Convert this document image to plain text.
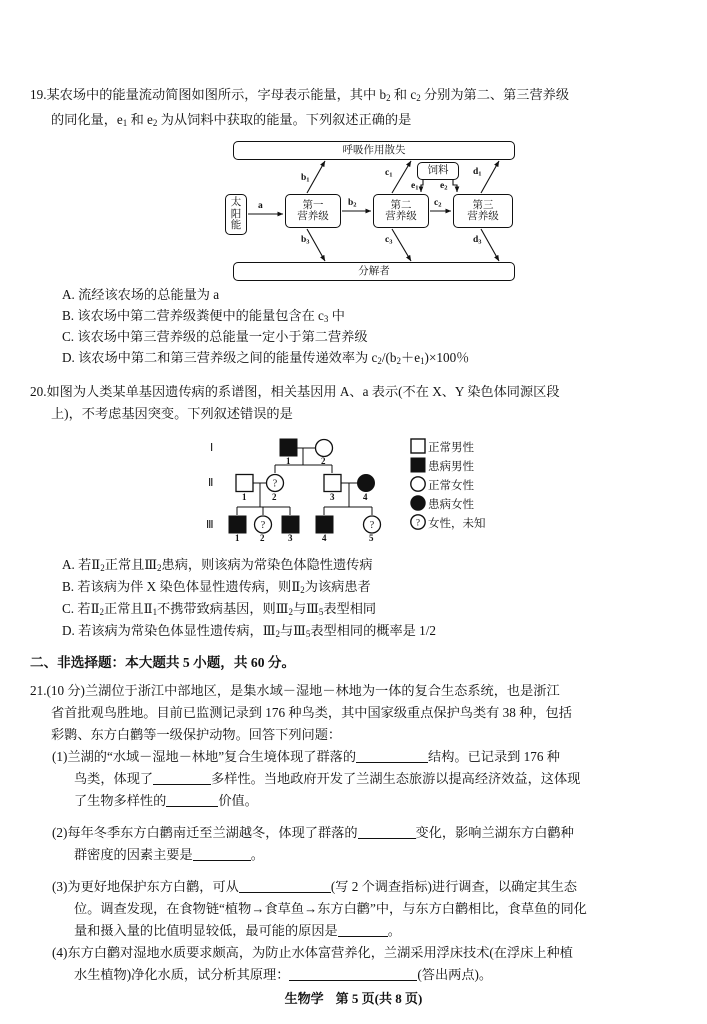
19. 某农场中的能量流动简图如图所示，字母表示能量，其中 $b_2$ 和 $c_2$ 分别为第二、第三营养级
的同化量，$e_1$ 和 $e_2$ 为从饲料中获取的能量。下列叙述正确的是
呼吸作用散失
分解者
太
阳
能
第一
营养级
第二
营养级
第三
营养级
饲料
a
$b_1$
$b_2$
$b_3$
$c_1$
$c_2$
$c_3$
$d_1$
$d_3$
$e_1$ $e_2$
A. 流经该农场的总能量为 a
B. 该农场中第二营养级粪便中的能量包含在 $c_3$ 中
C. 该农场中第三营养级的总能量一定小于第二营养级
D. 该农场中第二和第三营养级之间的能量传递效率为 $c_2/(b_2+e_1)\times 100$％
20. 如图为人类某单基因遗传病的系谱图，相关基因用 A、a 表示(不在 X、Y 染色体同源区段
上)，不考虑基因突变。下列叙述错误的是
?
?	?	?
Ⅰ
Ⅱ
Ⅲ
1	2
1	2	3	4
1 2	3	4	5
正常男性
患病男性
正常女性
患病女性
女性，未知
A. 若$Ⅱ_2$正常且$Ⅲ_2$患病，则该病为常染色体隐性遗传病
B. 若该病为伴 X 染色体显性遗传病，则$Ⅱ_2$为该病患者
C. 若$Ⅱ_2$正常且$Ⅱ_1$不携带致病基因，则$Ⅲ_2$与$Ⅲ_5$表型相同
D. 若该病为常染色体显性遗传病，$Ⅲ_2$与$Ⅲ_5$表型相同的概率是 1/2
二、非选择题：本大题共 5 小题，共 60 分。
21. (10 分)兰湖位于浙江中部地区，是集水域－湿地－林地为一体的复合生态系统，也是浙江
省首批观鸟胜地。目前已监测记录到 176 种鸟类，其中国家级重点保护鸟类有 38 种，包括
彩鹮、东方白鹳等一级保护动物。回答下列问题：
(1) 兰湖的“水域－湿地－林地”复合生境体现了群落的	结构。已记录到 176 种
鸟类，体现了	多样性。当地政府开发了兰湖生态旅游以提高经济效益，这体现
了生物多样性的	价值。
(2) 每年冬季东方白鹳南迁至兰湖越冬，体现了群落的	变化，影响兰湖东方白鹳种
群密度的因素主要是	。
(3) 为更好地保护东方白鹳，可从	(写 2 个调查指标)进行调查，以确定其生态
位。调查发现，在食物链“植物→食草鱼→东方白鹳”中，与东方白鹳相比，食草鱼的同化
量和摄入量的比值明显较低，最可能的原因是	。
(4) 东方白鹳对湿地水质要求颇高，为防止水体富营养化，兰湖采用浮床技术(在浮床上种植
水生植物)净化水质，试分析其原理：	(答出两点)。
生物学 第 5 页(共 8 页)
